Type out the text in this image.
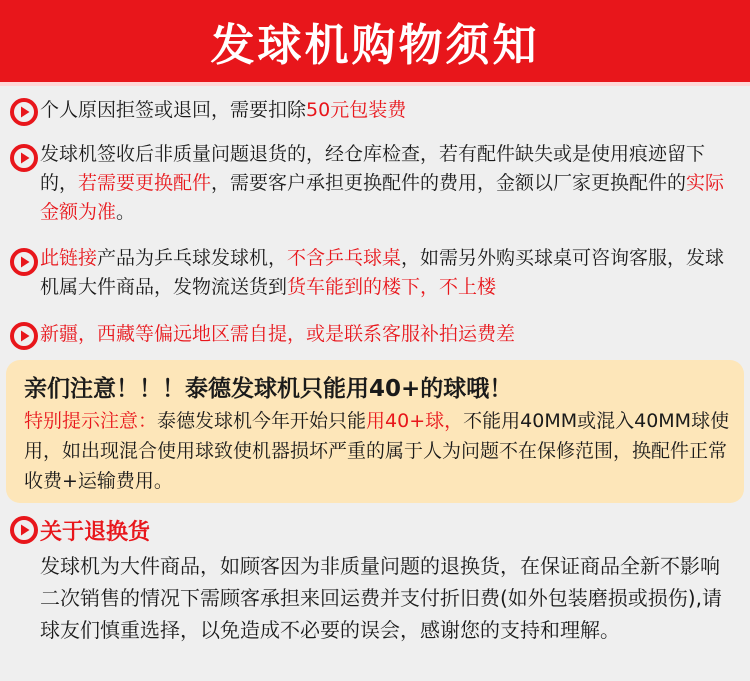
发球机购物须知
个人原因拒签或退回，需要扣除50元包装费
发球机签收后非质量问题退货的，经仓库检查，若有配件缺失或是使用痕迹留下的，若需要更换配件，需要客户承担更换配件的费用，金额以厂家更换配件的实际金额为准。
此链接产品为乒乓球发球机，不含乒乓球桌，如需另外购买球桌可咨询客服，发球机属大件商品，发物流送货到货车能到的楼下，不上楼
新疆，西藏等偏远地区需自提，或是联系客服补拍运费差
亲们注意！！！泰德发球机只能用40+的球哦！
特别提示注意：泰德发球机今年开始只能用40+球，不能用40MM或混入40MM球使用，如出现混合使用球致使机器损坏严重的属于人为问题不在保修范围，换配件正常收费+运输费用。
关于退换货
发球机为大件商品，如顾客因为非质量问题的退换货，在保证商品全新不影响二次销售的情况下需顾客承担来回运费并支付折旧费(如外包装磨损或损伤),请球友们慎重选择，以免造成不必要的误会，感谢您的支持和理解。
